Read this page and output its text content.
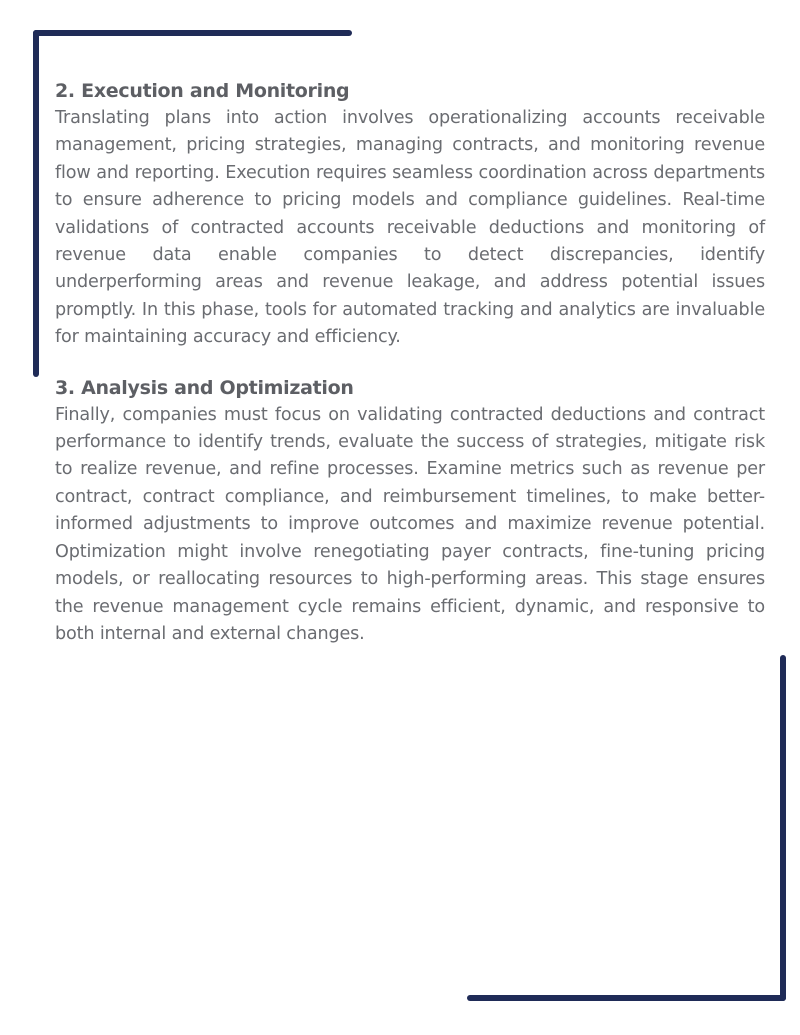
2. Execution and Monitoring

Translating plans into action involves operationalizing accounts receivable management, pricing strategies, managing contracts, and monitoring revenue flow and reporting. Execution requires seamless coordination across departments to ensure adherence to pricing models and compliance guidelines. Real-time validations of contracted accounts receivable deductions and monitoring of revenue data enable companies to detect discrepancies, identify underperforming areas and revenue leakage, and address potential issues promptly. In this phase, tools for automated tracking and analytics are invaluable for maintaining accuracy and efficiency.

3. Analysis and Optimization

Finally, companies must focus on validating contracted deductions and contract performance to identify trends, evaluate the success of strategies, mitigate risk to realize revenue, and refine processes. Examine metrics such as revenue per contract, contract compliance, and reimbursement timelines, to make better-informed adjustments to improve outcomes and maximize revenue potential. Optimization might involve renegotiating payer contracts, fine-tuning pricing models, or reallocating resources to high-performing areas. This stage ensures the revenue management cycle remains efficient, dynamic, and responsive to both internal and external changes.
